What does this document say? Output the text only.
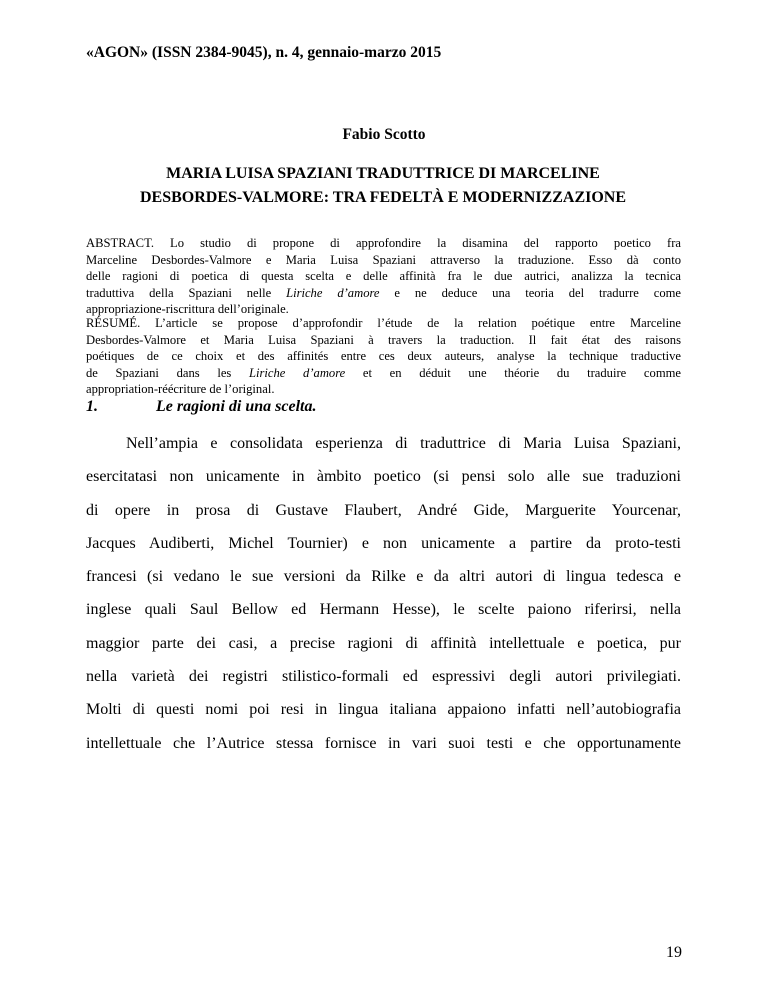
«AGON» (ISSN 2384-9045), n. 4, gennaio-marzo 2015
Fabio Scotto
MARIA LUISA SPAZIANI TRADUTTRICE DI MARCELINE
DESBORDES-VALMORE: TRA FEDELTÀ E MODERNIZZAZIONE
ABSTRACT. Lo studio di propone di approfondire la disamina del rapporto poetico fra
Marceline Desbordes-Valmore e Maria Luisa Spaziani attraverso la traduzione. Esso dà conto
delle ragioni di poetica di questa scelta e delle affinità fra le due autrici, analizza la tecnica
traduttiva della Spaziani nelle Liriche d’amore e ne deduce una teoria del tradurre come
appropriazione-riscrittura dell’originale.
RÉSUMÉ. L’article se propose d’approfondir l’étude de la relation poétique entre Marceline
Desbordes-Valmore et Maria Luisa Spaziani à travers la traduction. Il fait état des raisons
poétiques de ce choix et des affinités entre ces deux auteurs, analyse la technique traductive
de Spaziani dans les Liriche d’amore et en déduit une théorie du traduire comme
appropriation-réécriture de l’original.
1.	Le ragioni di una scelta.
Nell’ampia e consolidata esperienza di traduttrice di Maria Luisa Spaziani,
esercitatasi non unicamente in àmbito poetico (si pensi solo alle sue traduzioni
di opere in prosa di Gustave Flaubert, André Gide, Marguerite Yourcenar,
Jacques Audiberti, Michel Tournier) e non unicamente a partire da proto-testi
francesi (si vedano le sue versioni da Rilke e da altri autori di lingua tedesca e
inglese quali Saul Bellow ed Hermann Hesse), le scelte paiono riferirsi, nella
maggior parte dei casi, a precise ragioni di affinità intellettuale e poetica, pur
nella varietà dei registri stilistico-formali ed espressivi degli autori privilegiati.
Molti di questi nomi poi resi in lingua italiana appaiono infatti nell’autobiografia
intellettuale che l’Autrice stessa fornisce in vari suoi testi e che opportunamente
19
